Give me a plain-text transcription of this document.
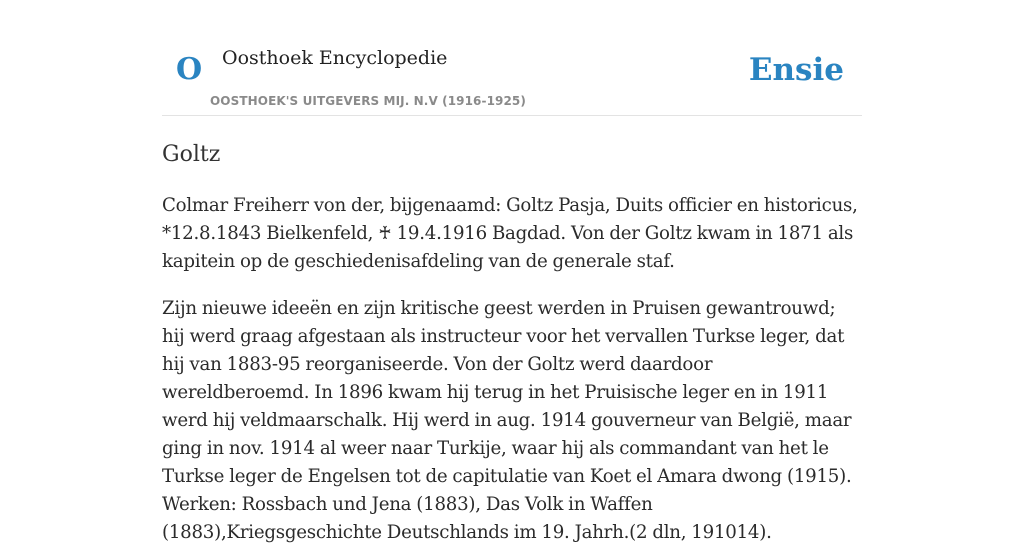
O Oosthoek Encyclopedie
OOSTHOEK'S UITGEVERS MIJ. N.V (1916-1925)
Ensie
Goltz

Colmar Freiherr von der, bijgenaamd: Goltz Pasja, Duits officier en historicus, *12.8.1843 Bielkenfeld, ♰ 19.4.1916 Bagdad. Von der Goltz kwam in 1871 als kapitein op de geschiedenisafdeling van de generale staf.

Zijn nieuwe ideeën en zijn kritische geest werden in Pruisen gewantrouwd; hij werd graag afgestaan als instructeur voor het vervallen Turkse leger, dat hij van 1883-95 reorganiseerde. Von der Goltz werd daardoor wereldberoemd. In 1896 kwam hij terug in het Pruisische leger en in 1911 werd hij veldmaarschalk. Hij werd in aug. 1914 gouverneur van België, maar ging in nov. 1914 al weer naar Turkije, waar hij als commandant van het le Turkse leger de Engelsen tot de capitulatie van Koet el Amara dwong (1915). Werken: Rossbach und Jena (1883), Das Volk in Waffen (1883),Kriegsgeschichte Deutschlands im 19. Jahrh.(2 dln, 191014).
